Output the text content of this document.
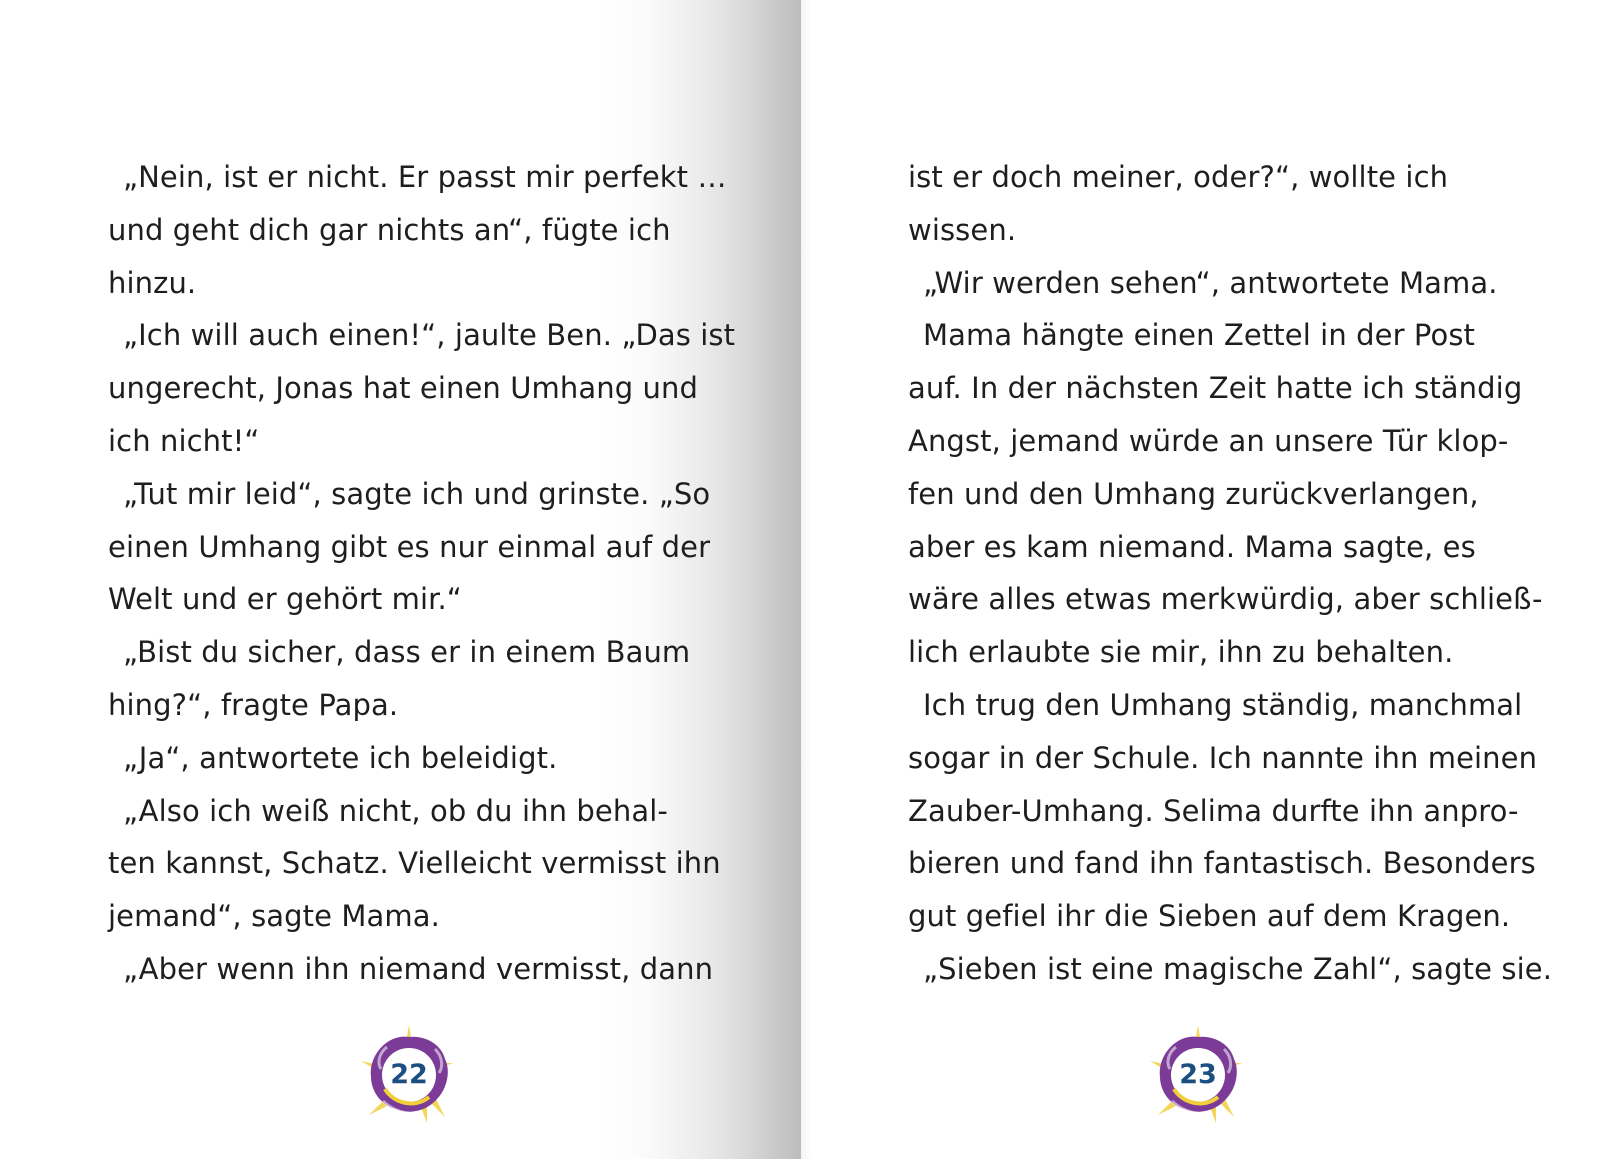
„Nein, ist er nicht. Er passt mir perfekt …
und geht dich gar nichts an“, fügte ich
hinzu.
„Ich will auch einen!“, jaulte Ben. „Das ist
ungerecht, Jonas hat einen Umhang und
ich nicht!“
„Tut mir leid“, sagte ich und grinste. „So
einen Umhang gibt es nur einmal auf der
Welt und er gehört mir.“
„Bist du sicher, dass er in einem Baum
hing?“, fragte Papa.
„Ja“, antwortete ich beleidigt.
„Also ich weiß nicht, ob du ihn behal-
ten kannst, Schatz. Vielleicht vermisst ihn
jemand“, sagte Mama.
„Aber wenn ihn niemand vermisst, dann
22
ist er doch meiner, oder?“, wollte ich
wissen.
„Wir werden sehen“, antwortete Mama.
Mama hängte einen Zettel in der Post
auf. In der nächsten Zeit hatte ich ständig
Angst, jemand würde an unsere Tür klop-
fen und den Umhang zurückverlangen,
aber es kam niemand. Mama sagte, es
wäre alles etwas merkwürdig, aber schließ-
lich erlaubte sie mir, ihn zu behalten.
Ich trug den Umhang ständig, manchmal
sogar in der Schule. Ich nannte ihn meinen
Zauber-Umhang. Selima durfte ihn anpro-
bieren und fand ihn fantastisch. Besonders
gut gefiel ihr die Sieben auf dem Kragen.
„Sieben ist eine magische Zahl“, sagte sie.
23
